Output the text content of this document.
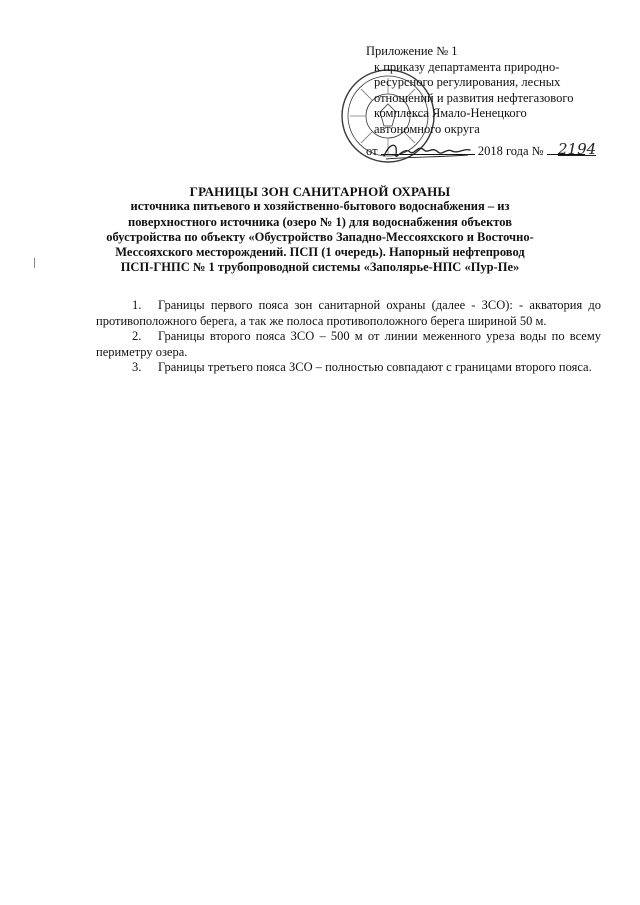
Приложение № 1
к приказу департамента природно-
ресурсного регулирования, лесных
отношений и развития нефтегазового
комплекса Ямало-Ненецкого
автономного округа
от	2018 года № 2194
ГРАНИЦЫ ЗОН САНИТАРНОЙ ОХРАНЫ
источника питьевого и хозяйственно-бытового водоснабжения – из
поверхностного источника (озеро № 1) для водоснабжения объектов
обустройства по объекту «Обустройство Западно-Мессояхского и Восточно-
Мессояхского месторождений. ПСП (1 очередь). Напорный нефтепровод
ПСП-ГНПС № 1 трубопроводной системы «Заполярье-НПС «Пур-Пе»

1. Границы первого пояса зон санитарной охраны (далее - ЗСО): - акватория до противоположного берега, а так же полоса противоположного берега шириной 50 м.

2. Границы второго пояса ЗСО – 500 м от линии меженного уреза воды по всему периметру озера.

3. Границы третьего пояса ЗСО – полностью совпадают с границами второго пояса.
